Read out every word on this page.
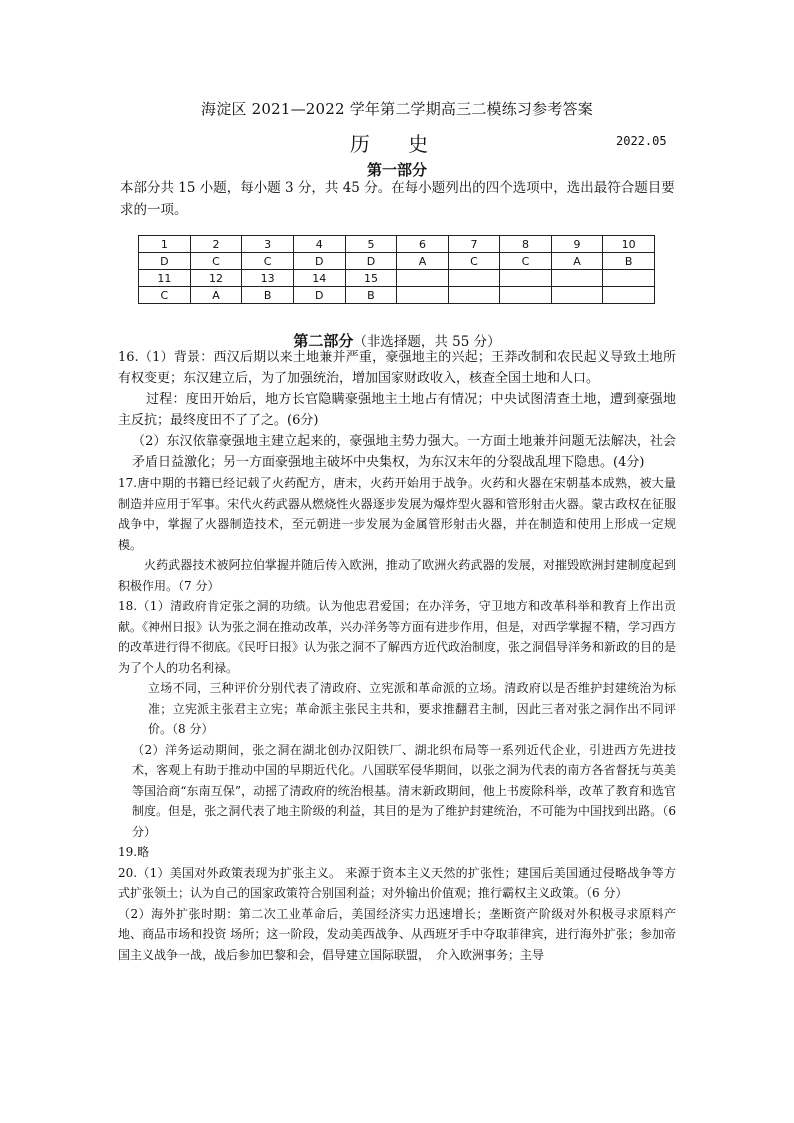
海淀区 2021—2022 学年第二学期高三二模练习参考答案
历 史	2022.05
第一部分
本部分共 15 小题，每小题 3 分，共 45 分。在每小题列出的四个选项中，选出最符合题目要求的一项。
1	2	3	4	5	6	7	8	9	10
D	C	C	D	D	A	C	C	A	B
11	12	13	14	15					
C	A	B	D	B					
第二部分（非选择题，共 55 分）

16.（1）背景：西汉后期以来土地兼并严重，豪强地主的兴起；王莽改制和农民起义导致土地所有权变更；东汉建立后，为了加强统治，增加国家财政收入，核查全国土地和人口。

过程：度田开始后，地方长官隐瞒豪强地主土地占有情况；中央试图清查土地，遭到豪强地主反抗；最终度田不了了之。(6分)

（2）东汉依靠豪强地主建立起来的，豪强地主势力强大。一方面土地兼并问题无法解决，社会矛盾日益激化；另一方面豪强地主破坏中央集权，为东汉末年的分裂战乱埋下隐患。(4分)

17.唐中期的书籍已经记载了火药配方，唐末，火药开始用于战争。火药和火器在宋朝基本成熟，被大量制造并应用于军事。宋代火药武器从燃烧性火器逐步发展为爆炸型火器和管形射击火器。蒙古政权在征服战争中，掌握了火器制造技术，至元朝进一步发展为金属管形射击火器，并在制造和使用上形成一定规模。

火药武器技术被阿拉伯掌握并随后传入欧洲，推动了欧洲火药武器的发展，对摧毁欧洲封建制度起到积极作用。（7 分）

18.（1）清政府肯定张之洞的功绩。认为他忠君爱国；在办洋务，守卫地方和改革科举和教育上作出贡献。《神州日报》认为张之洞在推动改革，兴办洋务等方面有进步作用，但是，对西学掌握不精，学习西方的改革进行得不彻底。《民吁日报》认为张之洞不了解西方近代政治制度，张之洞倡导洋务和新政的目的是为了个人的功名利禄。

立场不同，三种评价分别代表了清政府、立宪派和革命派的立场。清政府以是否维护封建统治为标准；立宪派主张君主立宪；革命派主张民主共和，要求推翻君主制，因此三者对张之洞作出不同评价。（8 分）

（2）洋务运动期间，张之洞在湖北创办汉阳铁厂、湖北织布局等一系列近代企业，引进西方先进技术，客观上有助于推动中国的早期近代化。八国联军侵华期间，以张之洞为代表的南方各省督抚与英美等国洽商“东南互保”，动摇了清政府的统治根基。清末新政期间，他上书废除科举，改革了教育和选官制度。但是，张之洞代表了地主阶级的利益，其目的是为了维护封建统治，不可能为中国找到出路。（6 分）

19.略

20.（1）美国对外政策表现为扩张主义。 来源于资本主义天然的扩张性；建国后美国通过侵略战争等方式扩张领土；认为自己的国家政策符合别国利益；对外输出价值观；推行霸权主义政策。（6 分）

（2）海外扩张时期：第二次工业革命后，美国经济实力迅速增长；垄断资产阶级对外积极寻求原料产地、商品市场和投资 场所；这一阶段，发动美西战争、从西班牙手中夺取菲律宾，进行海外扩张；参加帝国主义战争一战，战后参加巴黎和会，倡导建立国际联盟，　介入欧洲事务；主导
